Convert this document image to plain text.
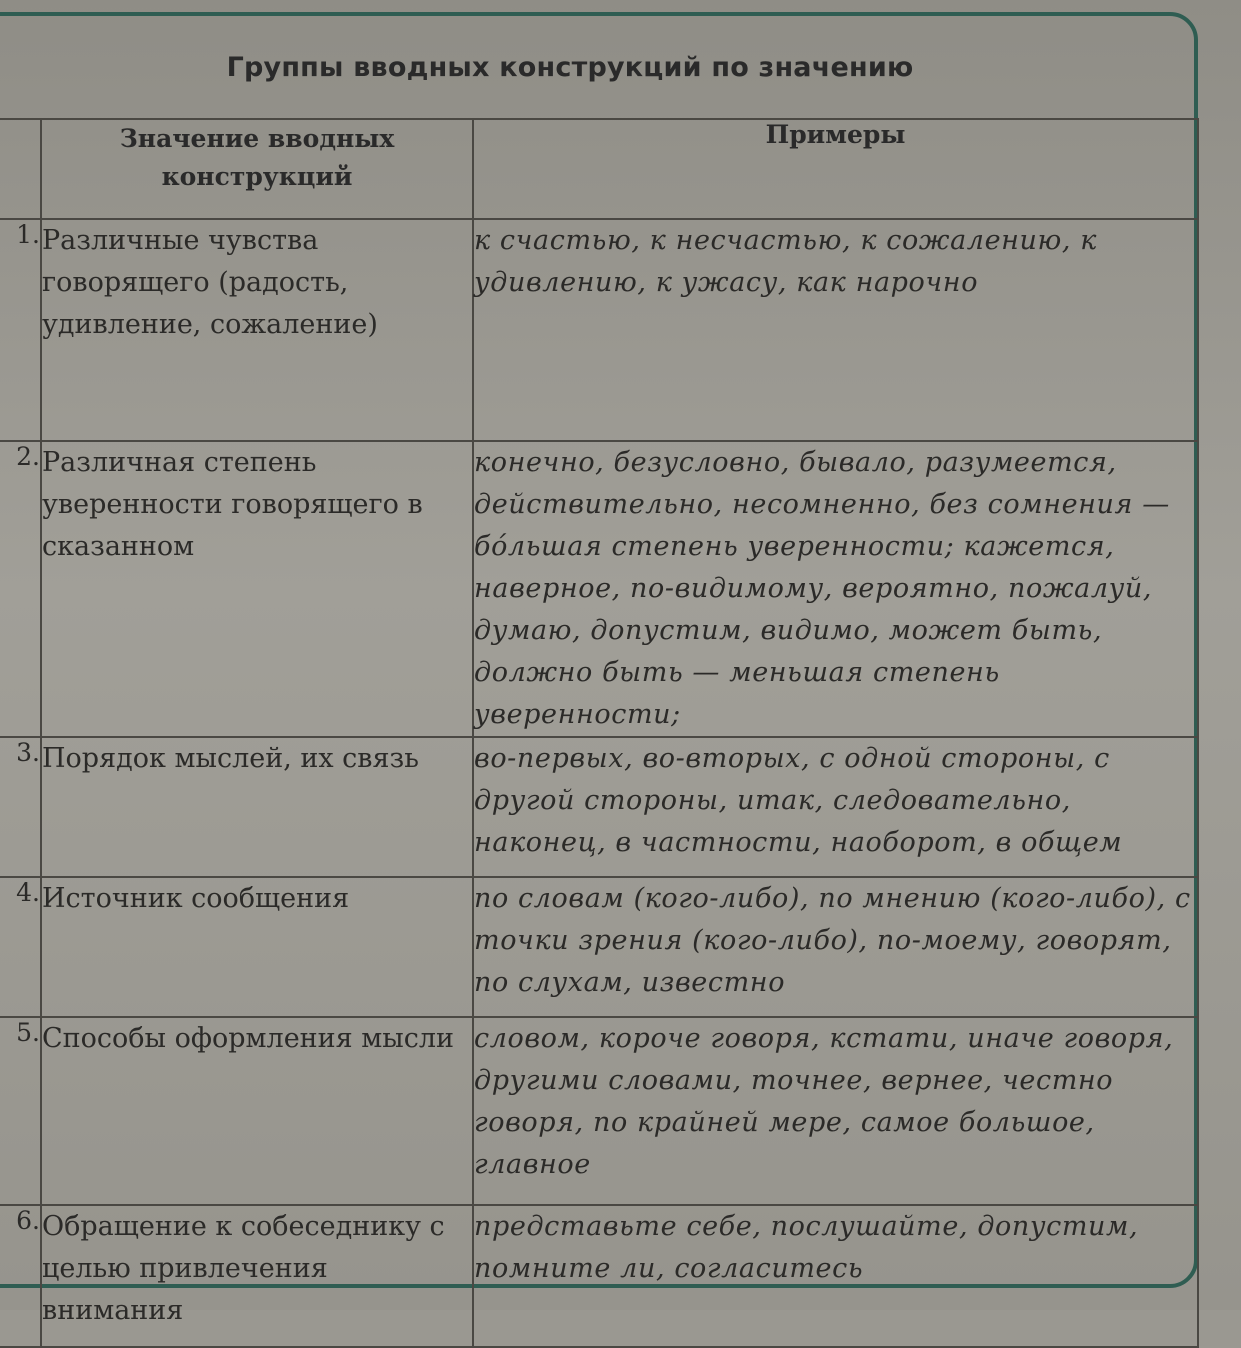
Группы вводных конструкций по значению
	Значение вводных конструкций	Примеры
1.	Различные чувства говорящего (радость, удивление, сожаление)	к счастью, к несчастью, к сожалению, к удивлению, к ужасу, как нарочно
2.	Различная степень уверенности говорящего в сказанном	конечно, безусловно, бывало, разумеется, действительно, несомненно, без сомнения — бóльшая степень уверенности; кажется, наверное, по-видимому, вероятно, пожалуй, думаю, допустим, видимо, может быть, должно быть — меньшая степень уверенности;
3.	Порядок мыслей, их связь	во-первых, во-вторых, с одной стороны, с другой стороны, итак, следовательно, наконец, в частности, наоборот, в общем
4.	Источник сообщения	по словам (кого-либо), по мнению (кого-либо), с точки зрения (кого-либо), по-моему, говорят, по слухам, известно
5.	Способы оформления мысли	словом, короче говоря, кстати, иначе говоря, другими словами, точнее, вернее, честно говоря, по крайней мере, самое большое, главное
6.	Обращение к собеседнику с целью привлечения внимания	представьте себе, послушайте, допустим, помните ли, согласитесь
